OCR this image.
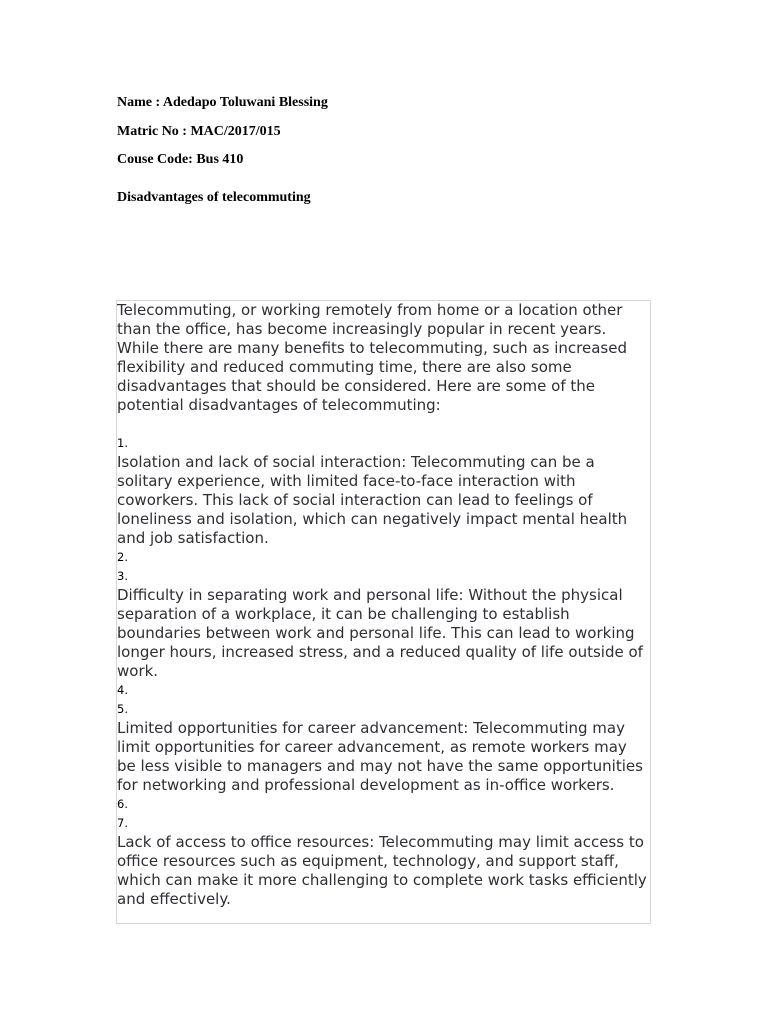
Name : Adedapo Toluwani Blessing

Matric No : MAC/2017/015

Couse Code: Bus 410

Disadvantages of telecommuting

Telecommuting, or working remotely from home or a location other than the office, has become increasingly popular in recent years. While there are many benefits to telecommuting, such as increased flexibility and reduced commuting time, there are also some disadvantages that should be considered. Here are some of the potential disadvantages of telecommuting:

1.

Isolation and lack of social interaction: Telecommuting can be a solitary experience, with limited face-to-face interaction with coworkers. This lack of social interaction can lead to feelings of loneliness and isolation, which can negatively impact mental health and job satisfaction.

2.

3.

Difficulty in separating work and personal life: Without the physical separation of a workplace, it can be challenging to establish boundaries between work and personal life. This can lead to working longer hours, increased stress, and a reduced quality of life outside of work.

4.

5.

Limited opportunities for career advancement: Telecommuting may limit opportunities for career advancement, as remote workers may be less visible to managers and may not have the same opportunities for networking and professional development as in-office workers.

6.

7.

Lack of access to office resources: Telecommuting may limit access to office resources such as equipment, technology, and support staff, which can make it more challenging to complete work tasks efficiently and effectively.
